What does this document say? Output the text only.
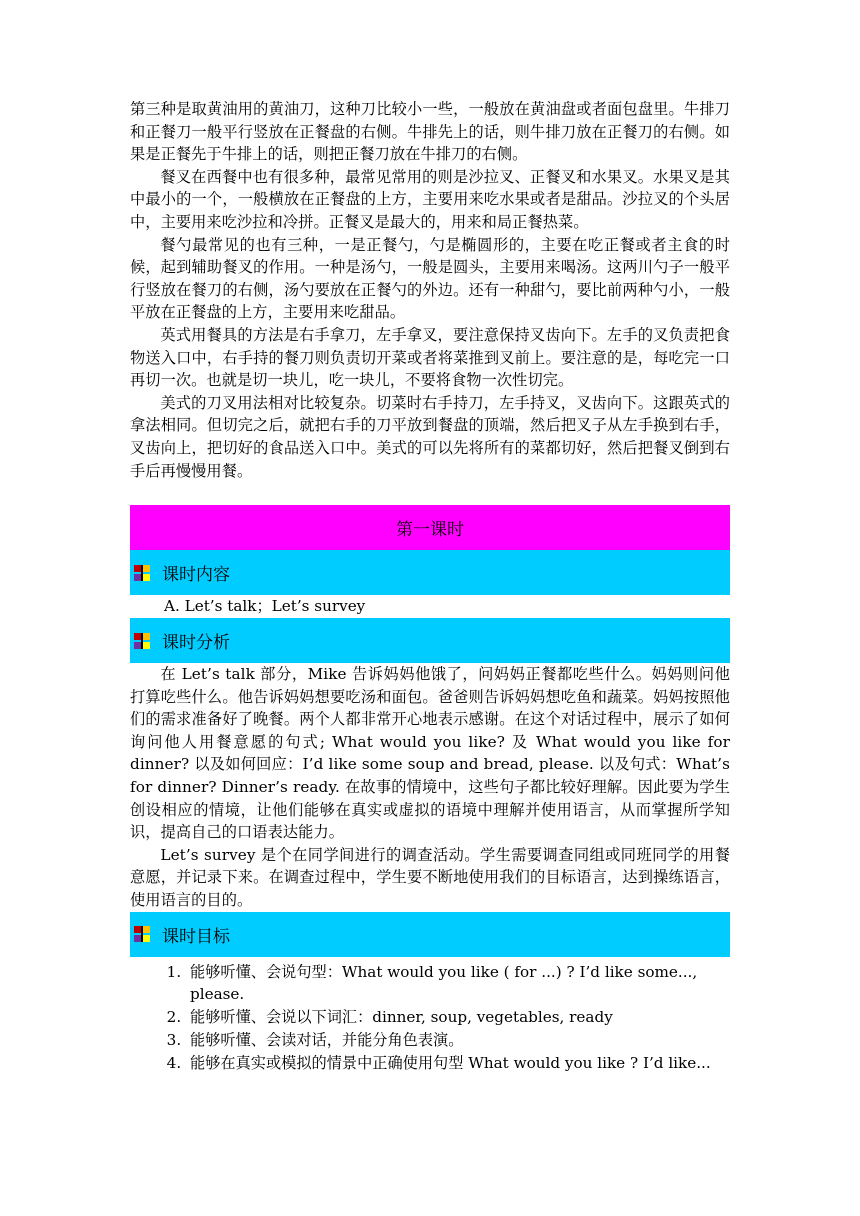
第三种是取黄油用的黄油刀，这种刀比较小一些，一般放在黄油盘或者面包盘里。牛排刀和正餐刀一般平行竖放在正餐盘的右侧。牛排先上的话，则牛排刀放在正餐刀的右侧。如果是正餐先于牛排上的话，则把正餐刀放在牛排刀的右侧。

餐叉在西餐中也有很多种，最常见常用的则是沙拉叉、正餐叉和水果叉。水果叉是其中最小的一个，一般横放在正餐盘的上方，主要用来吃水果或者是甜品。沙拉叉的个头居中，主要用来吃沙拉和冷拼。正餐叉是最大的，用来和局正餐热菜。

餐勺最常见的也有三种，一是正餐勺，勺是椭圆形的，主要在吃正餐或者主食的时候，起到辅助餐叉的作用。一种是汤勺，一般是圆头，主要用来喝汤。这两川勺子一般平行竖放在餐刀的右侧，汤勺要放在正餐勺的外边。还有一种甜勺，要比前两种勺小，一般平放在正餐盘的上方，主要用来吃甜品。

英式用餐具的方法是右手拿刀，左手拿叉，要注意保持叉齿向下。左手的叉负责把食物送入口中，右手持的餐刀则负责切开菜或者将菜推到叉前上。要注意的是，每吃完一口再切一次。也就是切一块儿，吃一块儿，不要将食物一次性切完。

美式的刀叉用法相对比较复杂。切菜时右手持刀，左手持叉，叉齿向下。这跟英式的拿法相同。但切完之后，就把右手的刀平放到餐盘的顶端，然后把叉子从左手换到右手，叉齿向上，把切好的食品送入口中。美式的可以先将所有的菜都切好，然后把餐叉倒到右手后再慢慢用餐。

第一课时
课时内容
A. Let’s talk；Let’s survey
课时分析

在 Let’s talk 部分，Mike 告诉妈妈他饿了，问妈妈正餐都吃些什么。妈妈则问他打算吃些什么。他告诉妈妈想要吃汤和面包。爸爸则告诉妈妈想吃鱼和蔬菜。妈妈按照他们的需求准备好了晚餐。两个人都非常开心地表示感谢。在这个对话过程中，展示了如何询问他人用餐意愿的句式; What would you like? 及 What would you like for dinner? 以及如何回应：I’d like some soup and bread, please. 以及句式：What’s for dinner? Dinner’s ready. 在故事的情境中，这些句子都比较好理解。因此要为学生创设相应的情境，让他们能够在真实或虚拟的语境中理解并使用语言，从而掌握所学知识，提高自己的口语表达能力。

Let’s survey 是个在同学间进行的调查活动。学生需要调查同组或同班同学的用餐意愿，并记录下来。在调查过程中，学生要不断地使用我们的目标语言，达到操练语言，使用语言的目的。

课时目标
1. 能够听懂、会说句型：What would you like ( for ...) ? I’d like some..., please.
2. 能够听懂、会说以下词汇：dinner, soup, vegetables, ready
3. 能够听懂、会读对话，并能分角色表演。
4. 能够在真实或模拟的情景中正确使用句型 What would you like ? I’d like...
